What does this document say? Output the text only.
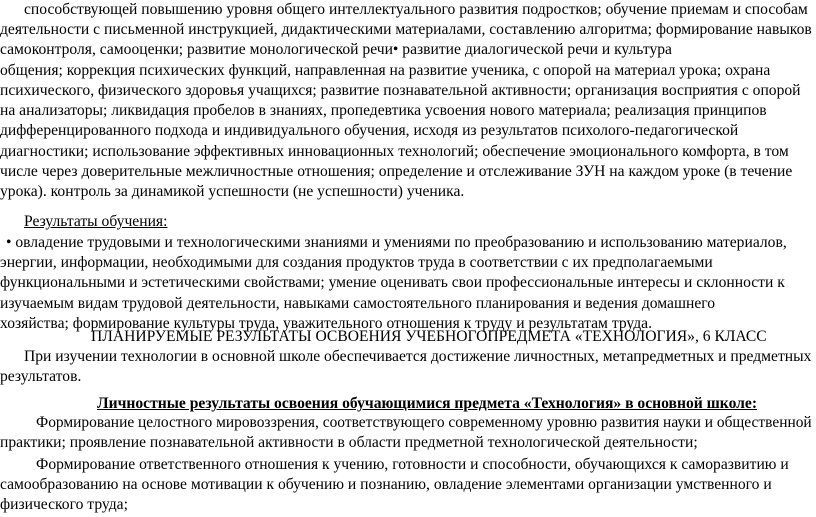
способствующей повышению уровня общего интеллектуального развития подростков; обучение приемам и способам
деятельности с письменной инструкцией, дидактическими материалами, составлению алгоритма; формирование навыков
самоконтроля, самооценки; развитие монологической речи• развитие диалогической речи и культура
общения; коррекция психических функций, направленная на развитие ученика, с опорой на материал урока; охрана
психического, физического здоровья учащихся; развитие познавательной активности; организация восприятия с опорой
на анализаторы; ликвидация пробелов в знаниях, пропедевтика усвоения нового материала; реализация принципов
дифференцированного подхода и индивидуального обучения, исходя из результатов психолого-педагогической
диагностики; использование эффективных инновационных технологий; обеспечение эмоционального комфорта, в том
числе через доверительные межличностные отношения; определение и отслеживание ЗУН на каждом уроке (в течение
урока). контроль за динамикой успешности (не успешности) ученика.
Результаты обучения:
• овладение трудовыми и технологическими знаниями и умениями по преобразованию и использованию материалов,
энергии, информации, необходимыми для создания продуктов труда в соответствии с их предполагаемыми
функциональными и эстетическими свойствами; умение оценивать свои профессиональные интересы и склонности к
изучаемым видам трудовой деятельности, навыками самостоятельного планирования и ведения домашнего
хозяйства; формирование культуры труда, уважительного отношения к труду и результатам труда.
ПЛАНИРУЕМЫЕ РЕЗУЛЬТАТЫ ОСВОЕНИЯ УЧЕБНОГОПРЕДМЕТА «ТЕХНОЛОГИЯ», 6 КЛАСС
При изучении технологии в основной школе обеспечивается достижение личностных, метапредметных и предметных
результатов.
Личностные результаты освоения обучающимися предмета «Технология» в основной школе:
Формирование целостного мировоззрения, соответствующего современному уровню развития науки и общественной
практики; проявление познавательной активности в области предметной технологической деятельности;
Формирование ответственного отношения к учению, готовности и способности, обучающихся к саморазвитию и
самообразованию на основе мотивации к обучению и познанию, овладение элементами организации умственного и
физического труда;
